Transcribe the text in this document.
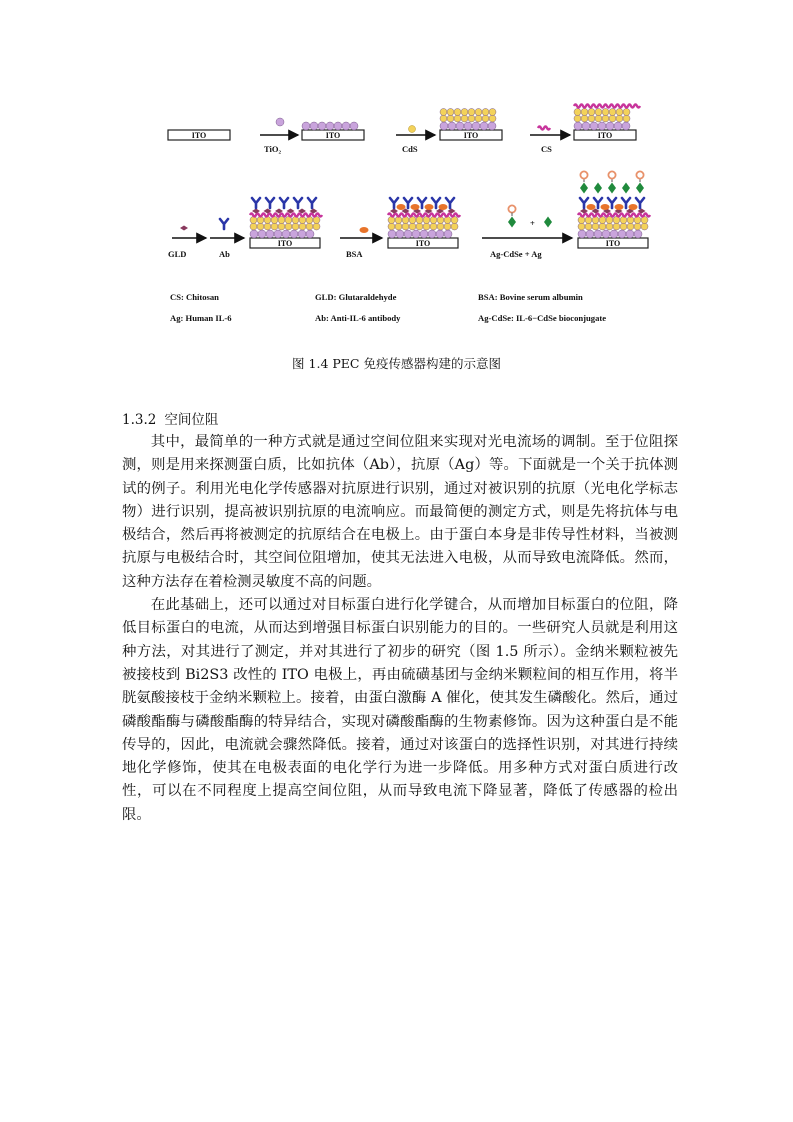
ITO
TiO₂
ITO
CdS
ITO
CS
ITO
GLD	Ab
ITO
BSA
ITO
+
Ag-CdSe + Ag
ITO
CS: Chitosan	GLD: Glutaraldehyde	BSA: Bovine serum albumin
Ag: Human IL-6	Ab: Anti-IL-6 antibody	Ag-CdSe: IL-6−CdSe bioconjugate
图 1.4 PEC 免疫传感器构建的示意图
1.3.2 空间位阻

其中，最简单的一种方式就是通过空间位阻来实现对光电流场的调制。至于位阻探测，则是用来探测蛋白质，比如抗体（Ab），抗原（Ag）等。下面就是一个关于抗体测试的例子。利用光电化学传感器对抗原进行识别，通过对被识别的抗原（光电化学标志物）进行识别，提高被识别抗原的电流响应。而最简便的测定方式，则是先将抗体与电极结合，然后再将被测定的抗原结合在电极上。由于蛋白本身是非传导性材料，当被测抗原与电极结合时，其空间位阻增加，使其无法进入电极，从而导致电流降低。然而，这种方法存在着检测灵敏度不高的问题。

在此基础上，还可以通过对目标蛋白进行化学键合，从而增加目标蛋白的位阻，降低目标蛋白的电流，从而达到增强目标蛋白识别能力的目的。一些研究人员就是利用这种方法，对其进行了测定，并对其进行了初步的研究（图 1.5 所示）。金纳米颗粒被先被接枝到 Bi2S3 改性的 ITO 电极上，再由硫磺基团与金纳米颗粒间的相互作用，将半胱氨酸接枝于金纳米颗粒上。接着，由蛋白激酶 A 催化，使其发生磷酸化。然后，通过磷酸酯酶与磷酸酯酶的特异结合，实现对磷酸酯酶的生物素修饰。因为这种蛋白是不能传导的，因此，电流就会骤然降低。接着，通过对该蛋白的选择性识别，对其进行持续地化学修饰，使其在电极表面的电化学行为进一步降低。用多种方式对蛋白质进行改性，可以在不同程度上提高空间位阻，从而导致电流下降显著，降低了传感器的检出限。
